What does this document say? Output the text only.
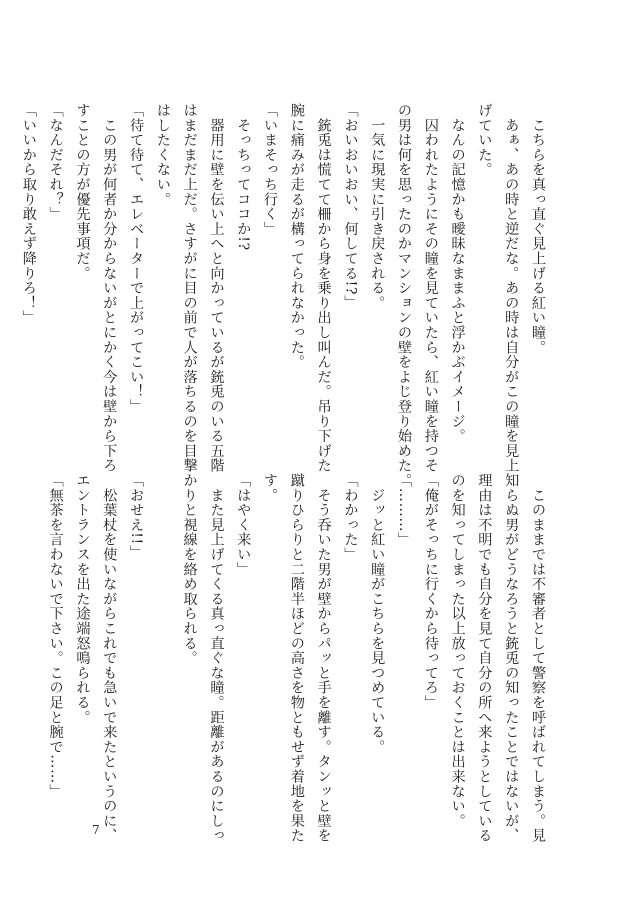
　こちらを真っ直ぐ見上げる紅い瞳。
　あぁ、あの時と逆だな。あの時は自分がこの瞳を見上
げていた。
　なんの記憶かも曖昧なままふと浮かぶイメージ。
　囚われたようにその瞳を見ていたら、紅い瞳を持つそ
の男は何を思ったのかマンションの壁をよじ登り始めた。
　一気に現実に引き戻される。
「おいおいおい、何してる!?」
　銃兎は慌てて柵から身を乗り出し叫んだ。吊り下げた
腕に痛みが走るが構ってられなかった。
「いまそっち行く」
　そっちってココか!?
　器用に壁を伝い上へと向かっているが銃兎のいる五階
はまだまだ上だ。さすがに目の前で人が落ちるのを目撃
はしたくない。
「待て待て、エレベーターで上がってこい！」
　この男が何者か分からないがとにかく今は壁から下ろ
すことの方が優先事項だ。
「なんだそれ？」
「いいから取り敢えず降りろ！」
　このままでは不審者として警察を呼ばれてしまう。見
知らぬ男がどうなろうと銃兎の知ったことではないが、
理由は不明でも自分を見て自分の所へ来ようとしている
のを知ってしまった以上放っておくことは出来ない。
「俺がそっちに行くから待ってろ」
「………」
　ジッと紅い瞳がこちらを見つめている。
「わかった」
　そう呑いた男が壁からパッと手を離す。タンッと壁を
蹴りひらりと二階半ほどの高さを物ともせず着地を果た
す。
「はやく来い」
　また見上げてくる真っ直ぐな瞳。距離があるのにしっ
かりと視線を絡め取られる。

「おせえ!!」
　松葉杖を使いながらこれでも急いで来たというのに、
エントランスを出た途端怒鳴られる。
「無茶を言わないで下さい。この足と腕で……」
7
